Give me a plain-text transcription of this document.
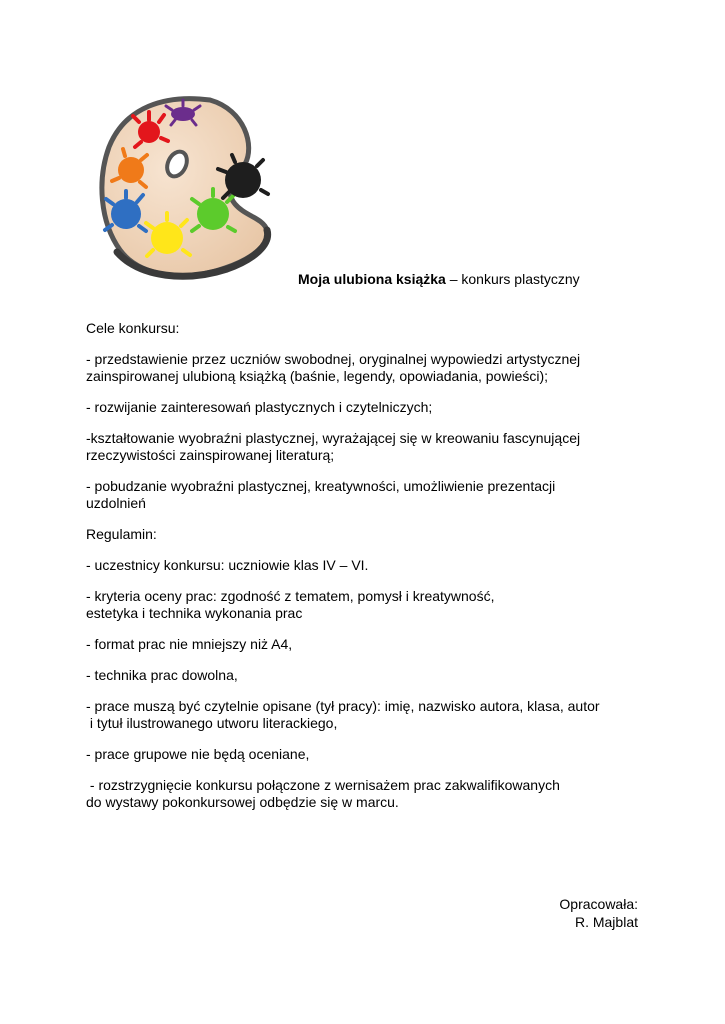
Moja ulubiona książka – konkurs plastyczny

Cele konkursu:

- przedstawienie przez uczniów swobodnej, oryginalnej wypowiedzi artystycznej

zainspirowanej ulubioną książką (baśnie, legendy, opowiadania, powieści);

- rozwijanie zainteresowań plastycznych i czytelniczych;

-kształtowanie wyobraźni plastycznej, wyrażającej się w kreowaniu fascynującej

rzeczywistości zainspirowanej literaturą;

- pobudzanie wyobraźni plastycznej, kreatywności, umożliwienie prezentacji

uzdolnień

Regulamin:

- uczestnicy konkursu: uczniowie klas IV – VI.

- kryteria oceny prac: zgodność z tematem, pomysł i kreatywność,

estetyka i technika wykonania prac

- format prac nie mniejszy niż A4,

- technika prac dowolna,

- prace muszą być czytelnie opisane (tył pracy): imię, nazwisko autora, klasa, autor

i tytuł ilustrowanego utworu literackiego,

- prace grupowe nie będą oceniane,

- rozstrzygnięcie konkursu połączone z wernisażem prac zakwalifikowanych

do wystawy pokonkursowej odbędzie się w marcu.

Opracowała:
R. Majblat
